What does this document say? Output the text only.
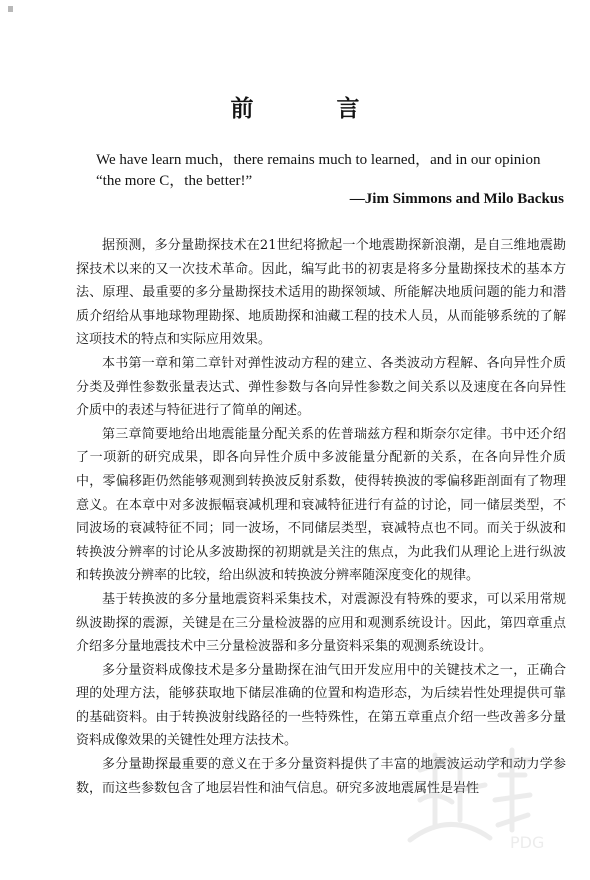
前　言
We have learn much，there remains much to learned，and in our opinion “the more C，the better!”
—Jim Simmons and Milo Backus

据预测，多分量勘探技术在21世纪将掀起一个地震勘探新浪潮，是自三维地震勘探技术以来的又一次技术革命。因此，编写此书的初衷是将多分量勘探技术的基本方法、原理、最重要的多分量勘探技术适用的勘探领域、所能解决地质问题的能力和潜质介绍给从事地球物理勘探、地质勘探和油藏工程的技术人员，从而能够系统的了解这项技术的特点和实际应用效果。

本书第一章和第二章针对弹性波动方程的建立、各类波动方程解、各向异性介质分类及弹性参数张量表达式、弹性参数与各向异性参数之间关系以及速度在各向异性介质中的表述与特征进行了简单的阐述。

第三章简要地给出地震能量分配关系的佐普瑞兹方程和斯奈尔定律。书中还介绍了一项新的研究成果，即各向异性介质中多波能量分配新的关系，在各向异性介质中，零偏移距仍然能够观测到转换波反射系数，使得转换波的零偏移距剖面有了物理意义。在本章中对多波振幅衰减机理和衰减特征进行有益的讨论，同一储层类型，不同波场的衰减特征不同；同一波场，不同储层类型，衰减特点也不同。而关于纵波和转换波分辨率的讨论从多波勘探的初期就是关注的焦点，为此我们从理论上进行纵波和转换波分辨率的比较，给出纵波和转换波分辨率随深度变化的规律。

基于转换波的多分量地震资料采集技术，对震源没有特殊的要求，可以采用常规纵波勘探的震源，关键是在三分量检波器的应用和观测系统设计。因此，第四章重点介绍多分量地震技术中三分量检波器和多分量资料采集的观测系统设计。

多分量资料成像技术是多分量勘探在油气田开发应用中的关键技术之一，正确合理的处理方法，能够获取地下储层准确的位置和构造形态，为后续岩性处理提供可靠的基础资料。由于转换波射线路径的一些特殊性，在第五章重点介绍一些改善多分量资料成像效果的关键性处理方法技术。

多分量勘探最重要的意义在于多分量资料提供了丰富的地震波运动学和动力学参数，而这些参数包含了地层岩性和油气信息。研究多波地震属性是岩性

PDG
